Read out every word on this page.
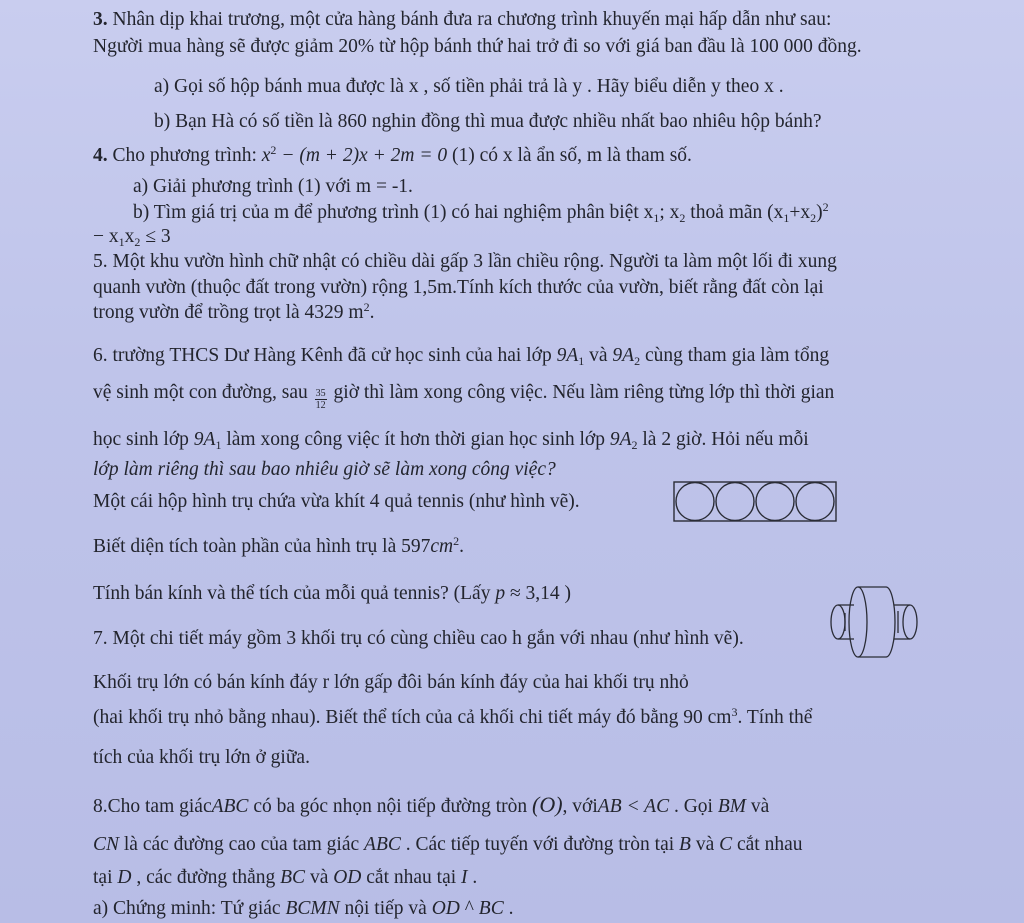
3. Nhân dịp khai trương, một cửa hàng bánh đưa ra chương trình khuyến mại hấp dẫn như sau:
Người mua hàng sẽ được giảm 20% từ hộp bánh thứ hai trở đi so với giá ban đầu là 100 000 đồng.
a) Gọi số hộp bánh mua được là x , số tiền phải trả là y . Hãy biểu diễn y theo x .
b) Bạn Hà có số tiền là 860 nghin đồng thì mua được nhiều nhất bao nhiêu hộp bánh?
4. Cho phương trình: $x^2 - (m + 2)x + 2m = 0$ (1) có x là ẩn số, m là tham số.
a) Giải phương trình (1) với m = -1.
b) Tìm giá trị của m để phương trình (1) có hai nghiệm phân biệt $x_1$; $x_2$ thoả mãn $(x_1+x_2)^2$
− $x_1x_2 \le 3$
5. Một khu vườn hình chữ nhật có chiều dài gấp 3 lần chiều rộng. Người ta làm một lối đi xung
quanh vườn (thuộc đất trong vườn) rộng 1,5m.Tính kích thước của vườn, biết rằng đất còn lại
trong vườn để trồng trọt là 4329 $m^2$.
6. trường THCS Dư Hàng Kênh đã cử học sinh của hai lớp $9A_1$ và $9A_2$ cùng tham gia làm tổng
vệ sinh một con đường, sau $\frac{35}{12}$ giờ thì làm xong công việc. Nếu làm riêng từng lớp thì thời gian
học sinh lớp $9A_1$ làm xong công việc ít hơn thời gian học sinh lớp $9A_2$ là 2 giờ. Hỏi nếu mỗi
lớp làm riêng thì sau bao nhiêu giờ sẽ làm xong công việc?
Một cái hộp hình trụ chứa vừa khít 4 quả tennis (như hình vẽ).
Biết diện tích toàn phần của hình trụ là $597cm^2$.
Tính bán kính và thể tích của mỗi quả tennis? (Lấy p ≈ 3,14 )
7. Một chi tiết máy gồm 3 khối trụ có cùng chiều cao h gắn với nhau (như hình vẽ).
Khối trụ lớn có bán kính đáy r lớn gấp đôi bán kính đáy của hai khối trụ nhỏ
(hai khối trụ nhỏ bằng nhau). Biết thể tích của cả khối chi tiết máy đó bằng 90 $cm^3$. Tính thể
tích của khối trụ lớn ở giữa.
8.Cho tam giácABC có ba góc nhọn nội tiếp đường tròn (O), vớiAB < AC . Gọi BM và
CN là các đường cao của tam giác ABC . Các tiếp tuyến với đường tròn tại B và C cắt nhau
tại D , các đường thẳng BC và OD cắt nhau tại I .
a) Chứng minh: Tứ giác BCMN nội tiếp và OD ^ BC .
